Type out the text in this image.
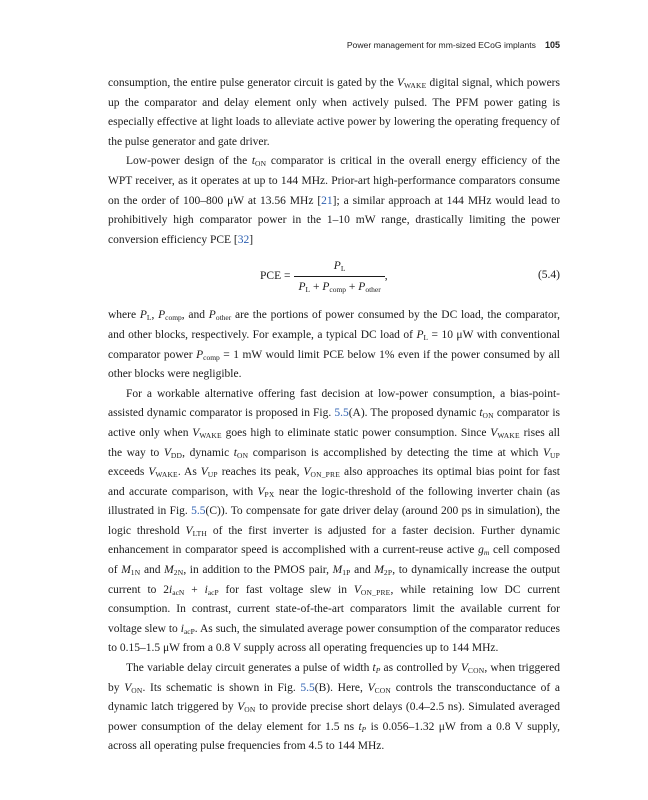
Power management for mm-sized ECoG implants 105

consumption, the entire pulse generator circuit is gated by the $V_{WAKE}$ digital signal, which powers up the comparator and delay element only when actively pulsed. The PFM power gating is especially effective at light loads to alleviate active power by lowering the operating frequency of the pulse generator and gate driver.

Low-power design of the $t_{ON}$ comparator is critical in the overall energy efficiency of the WPT receiver, as it operates at up to 144 MHz. Prior-art high-performance comparators consume on the order of 100–800 μW at 13.56 MHz [21]; a similar approach at 144 MHz would lead to prohibitively high comparator power in the 1–10 mW range, drastically limiting the power conversion efficiency PCE [32]

PCE = $\frac{P_L}{P_L + P_{comp} + P_{other}}$ ,	(5.4)

where $P_L$, $P_{comp}$, and $P_{other}$ are the portions of power consumed by the DC load, the comparator, and other blocks, respectively. For example, a typical DC load of $P_L = 10$ μW with conventional comparator power $P_{comp} = 1$ mW would limit PCE below 1% even if the power consumed by all other blocks were negligible.

For a workable alternative offering fast decision at low-power consumption, a bias-point-assisted dynamic comparator is proposed in Fig. 5.5(A). The proposed dynamic $t_{ON}$ comparator is active only when $V_{WAKE}$ goes high to eliminate static power consumption. Since $V_{WAKE}$ rises all the way to $V_{DD}$, dynamic $t_{ON}$ comparison is accomplished by detecting the time at which $V_{UP}$ exceeds $V_{WAKE}$. As $V_{UP}$ reaches its peak, $V_{ON\_PRE}$ also approaches its optimal bias point for fast and accurate comparison, with $V_{PX}$ near the logic-threshold of the following inverter chain (as illustrated in Fig. 5.5(C)). To compensate for gate driver delay (around 200 ps in simulation), the logic threshold $V_{LTH}$ of the first inverter is adjusted for a faster decision. Further dynamic enhancement in comparator speed is accomplished with a current-reuse active $g_m$ cell composed of $M_{1N}$ and $M_{2N}$, in addition to the PMOS pair, $M_{1P}$ and $M_{2P}$, to dynamically increase the output current to $2i_{acN} + i_{acP}$ for fast voltage slew in $V_{ON\_PRE}$, while retaining low DC current consumption. In contrast, current state-of-the-art comparators limit the available current for voltage slew to $i_{acP}$. As such, the simulated average power consumption of the comparator reduces to 0.15–1.5 μW from a 0.8 V supply across all operating frequencies up to 144 MHz.

The variable delay circuit generates a pulse of width $t_P$ as controlled by $V_{CON}$, when triggered by $V_{ON}$. Its schematic is shown in Fig. 5.5(B). Here, $V_{CON}$ controls the transconductance of a dynamic latch triggered by $V_{ON}$ to provide precise short delays (0.4–2.5 ns). Simulated averaged power consumption of the delay element for 1.5 ns $t_P$ is 0.056–1.32 μW from a 0.8 V supply, across all operating pulse frequencies from 4.5 to 144 MHz.
